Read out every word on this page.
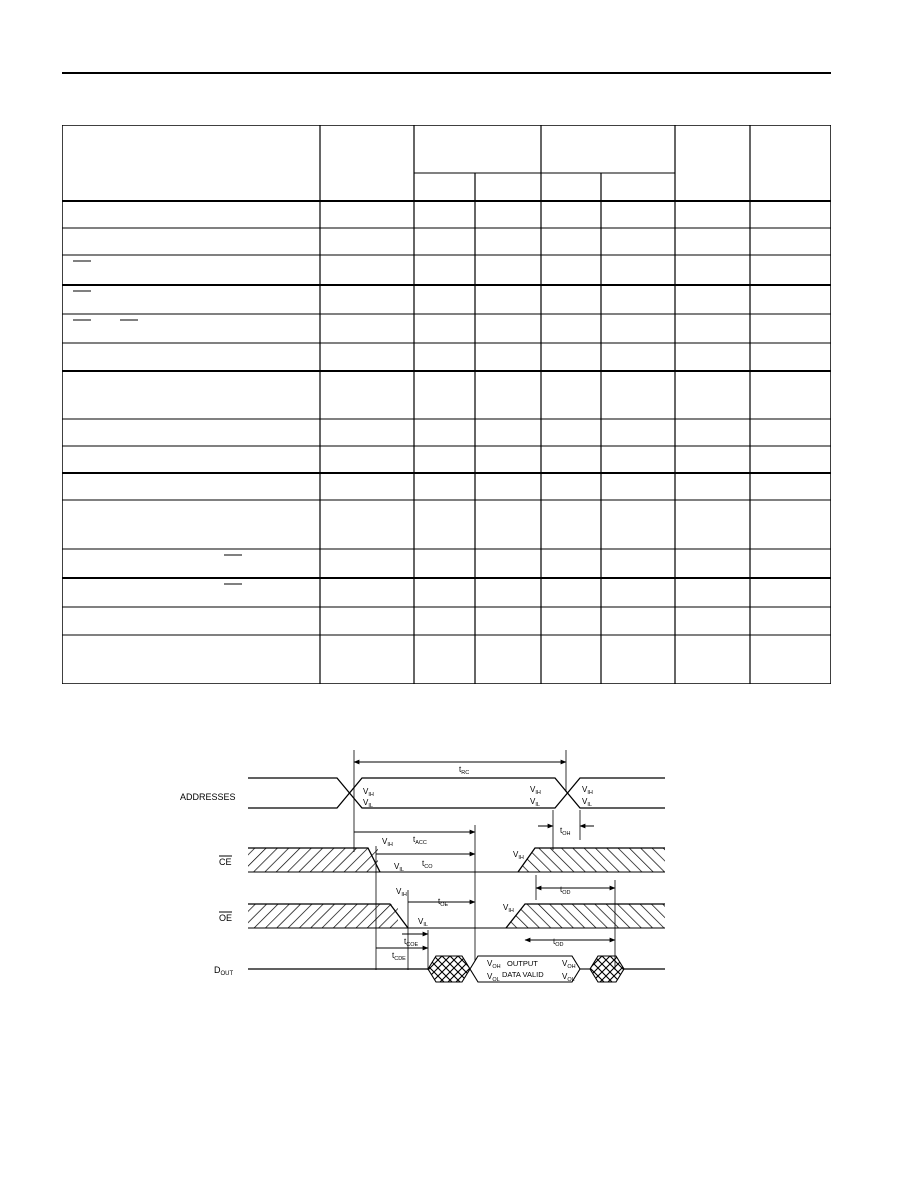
ADDRESSES
CE
OE
$D_{OUT}$
$t_{RC}$
$V_{IH}$
$V_{IL}$
$V_{IH}$
$V_{IL}$
$V_{IH}$
$V_{IL}$
$t_{ACC}$
$t_{OH}$
$V_{IH}$
$V_{IL}$
$V_{IH}$
$t_{CO}$
$t_{OD}$
$V_{IH}$
$V_{IL}$
$V_{IH}$
$t_{OE}$
$t_{OD}$
$t_{COE}$
$t_{CDE}$	$V_{OH}$
$V_{OL}$
OUTPUT
DATA VALID
$V_{OH}$
$V_{OL}$
